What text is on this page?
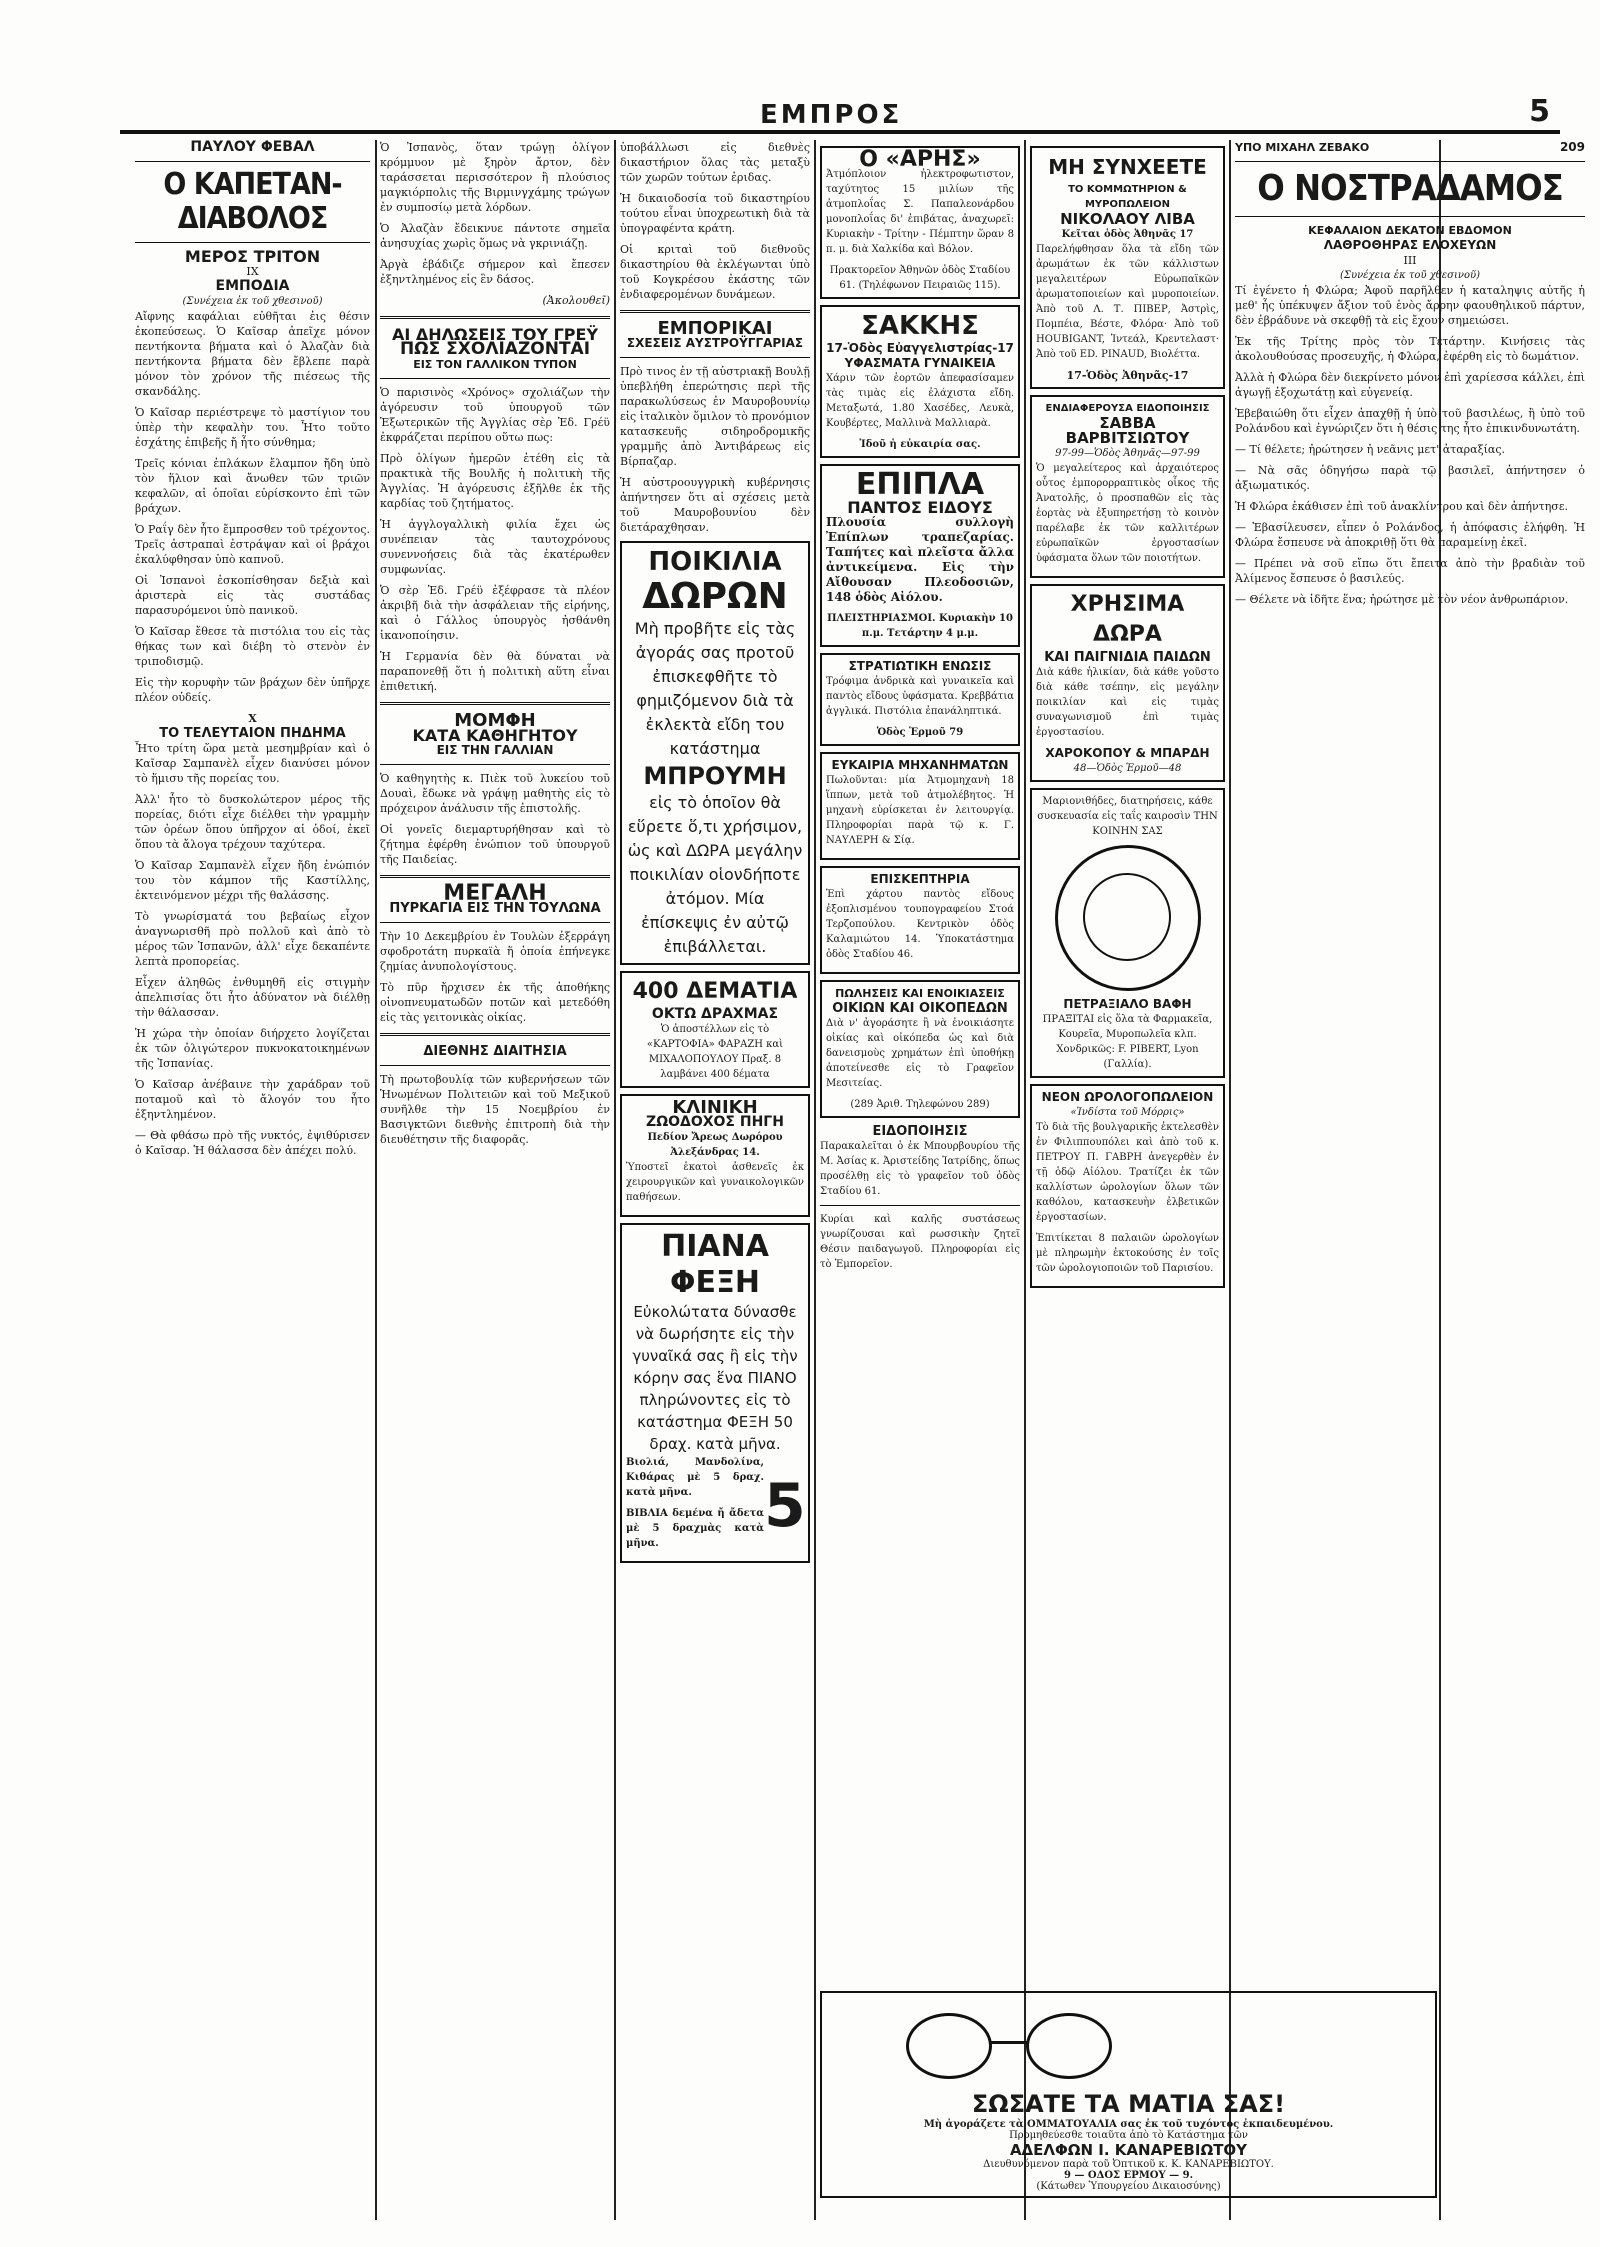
ΕΜΠΡΟΣ	5
ΠΑΥΛΟΥ ΦΕΒΑΛ
Ο ΚΑΠΕΤΑΝ-ΔΙΑΒΟΛΟΣ
ΜΕΡΟΣ ΤΡΙΤΟΝ
IX
ΕΜΠΟΔΙΑ
(Συνέχεια ἐκ τοῦ χθεσινοῦ)

Αἴφνης καφάλιαι εὐθῆται ἐις θέσιν ἐκοπεύσεως. Ὁ Καῖσαρ ἀπεῖχε μόνον πεντήκοντα βήματα καὶ ὁ Ἀλαζὰν διὰ πεντήκοντα βήματα δὲν ἔβλεπε παρὰ μόνον τὸν χρόνον τῆς πιέσεως τῆς σκανδάλης.

Ὁ Καῖσαρ περιέστρεψε τὸ μαστίγιον του ὑπὲρ τὴν κεφαλὴν του. Ἦτο τοῦτο ἐσχάτης ἐπιβεῆς ἤ ἦτο σύνθημα;

Τρεῖς κόνιαι ἐπλάκων ἔλαμπον ἤδη ὑπὸ τὸν ἥλιον καὶ ἄνωθεν τῶν τριῶν κεφαλῶν, αἱ ὁποῖαι εὑρίσκοντο ἐπὶ τῶν βράχων.

Ὁ Ραΐγ δὲν ἦτο ἔμπροσθεν τοῦ τρέχοντος. Τρεῖς ἀστραπαὶ ἐστράψαν καὶ οἱ βράχοι ἐκαλύφθησαν ὑπὸ καπνοῦ.

Οἱ Ἰσπανοὶ ἐσκοπίσθησαν δεξιὰ καὶ ἀριστερὰ εἰς τὰς συστάδας παρασυρόμενοι ὑπὸ πανικοῦ.

Ὁ Καῖσαρ ἔθεσε τὰ πιστόλια του εἰς τὰς θήκας των καὶ διέβη τὸ στενὸν ἐν τριποδισμῷ.

Εἰς τὴν κορυφὴν τῶν βράχων δὲν ὑπῆρχε πλέον οὐδείς.

X
ΤΟ ΤΕΛΕΥΤΑΙΟΝ ΠΗΔΗΜΑ

Ἦτο τρίτη ὥρα μετὰ μεσημβρίαν καὶ ὁ Καῖσαρ Σαμπανὲλ εἶχεν διανύσει μόνον τὸ ἥμισυ τῆς πορείας του.

Ἀλλ' ἦτο τὸ δυσκολώτερον μέρος τῆς πορείας, διότι εἶχε διέλθει τὴν γραμμὴν τῶν ὀρέων ὅπου ὑπῆρχον αἱ ὁδοί, ἐκεῖ ὅπου τὰ ἄλογα τρέχουν ταχύτερα.

Ὁ Καῖσαρ Σαμπανὲλ εἶχεν ἤδη ἐνώπιόν του τὸν κάμπον τῆς Καστίλλης, ἐκτεινόμενον μέχρι τῆς θαλάσσης.

Τὸ γνωρίσματά του βεβαίως εἶχον ἀναγνωρισθῆ πρὸ πολλοῦ καὶ ἀπὸ τὸ μέρος τῶν Ἰσπανῶν, ἀλλ' εἶχε δεκαπέντε λεπτὰ προπορείας.

Εἶχεν ἀληθῶς ἐνθυμηθῆ εἰς στιγμὴν ἀπελπισίας ὅτι ἦτο ἀδύνατον νὰ διέλθῃ τὴν θάλασσαν.

Ἡ χώρα τὴν ὁποίαν διήρχετο λογίζεται ἐκ τῶν ὀλιγώτερον πυκνοκατοικημένων τῆς Ἰσπανίας.

Ὁ Καῖσαρ ἀνέβαινε τὴν χαράδραν τοῦ ποταμοῦ καὶ τὸ ἄλογόν του ἦτο ἐξηντλημένον.

— Θὰ φθάσω πρὸ τῆς νυκτός, ἐψιθύρισεν ὁ Καῖσαρ. Ἡ θάλασσα δὲν ἀπέχει πολύ.

Ὁ Ἰσπανὸς, ὅταν τρώγῃ ὀλίγον κρόμμυον μὲ ξηρὸν ἄρτον, δὲν ταράσσεται περισσότερον ἢ πλούσιος μαγκιόρπολις τῆς Βιρμινγχάμης τρώγων ἐν συμποσίῳ μετὰ λόρδων.

Ὁ Ἀλαζὰν ἔδεικνυε πάντοτε σημεῖα ἀνησυχίας χωρὶς ὅμως νὰ γκρινιάζῃ.

Ἀργὰ ἐβάδιζε σήμερον καὶ ἔπεσεν ἐξηντλημένος εἰς ἓν δάσος.

(Ἀκολουθεῖ)
ΑΙ ΔΗΛΩΣΕΙΣ ΤΟΥ ΓΡΕΫ
ΠΩΣ ΣΧΟΛΙΑΖΟΝΤΑΙ
ΕΙΣ ΤΟΝ ΓΑΛΛΙΚΟΝ ΤΥΠΟΝ

Ὁ παρισινὸς «Χρόνος» σχολιάζων τὴν ἀγόρευσιν τοῦ ὑπουργοῦ τῶν Ἐξωτερικῶν τῆς Ἀγγλίας σὲρ Ἐδ. Γρέϋ ἐκφράζεται περίπου οὕτω πως:

Πρὸ ὀλίγων ἡμερῶν ἐτέθη εἰς τὰ πρακτικὰ τῆς Βουλῆς ἡ πολιτικὴ τῆς Ἀγγλίας. Ἡ ἀγόρευσις ἐξῆλθε ἐκ τῆς καρδίας τοῦ ζητήματος.

Ἡ ἀγγλογαλλικὴ φιλία ἔχει ὡς συνέπειαν τὰς ταυτοχρόνους συνεννοήσεις διὰ τὰς ἑκατέρωθεν συμφωνίας.

Ὁ σὲρ Ἐδ. Γρέϋ ἐξέφρασε τὰ πλέον ἀκριβῆ διὰ τὴν ἀσφάλειαν τῆς εἰρήνης, καὶ ὁ Γάλλος ὑπουργὸς ἠσθάνθη ἱκανοποίησιν.

Ἡ Γερμανία δὲν θὰ δύναται νὰ παραπονεθῇ ὅτι ἡ πολιτικὴ αὕτη εἶναι ἐπιθετική.

ΜΟΜΦΗ
ΚΑΤΑ ΚΑΘΗΓΗΤΟΥ
ΕΙΣ ΤΗΝ ΓΑΛΛΙΑΝ

Ὁ καθηγητὴς κ. Πιὲκ τοῦ λυκείου τοῦ Δουαὶ, ἔδωκε νὰ γράψῃ μαθητὴς εἰς τὸ πρόχειρον ἀνάλυσιν τῆς ἐπιστολῆς.

Οἱ γονεῖς διεμαρτυρήθησαν καὶ τὸ ζήτημα ἐφέρθη ἐνώπιον τοῦ ὑπουργοῦ τῆς Παιδείας.

ΜΕΓΑΛΗ
ΠΥΡΚΑΓΙΑ ΕΙΣ ΤΗΝ ΤΟΥΛΩΝΑ

Τὴν 10 Δεκεμβρίου ἐν Τουλὼν ἐξερράγη σφοδροτάτη πυρκαϊὰ ἥ ὁποία ἐπήνεγκε ζημίας ἀνυπολογίστους.

Τὸ πῦρ ἤρχισεν ἐκ τῆς ἀποθήκης οἰνοπνευματωδῶν ποτῶν καὶ μετεδόθη εἰς τὰς γειτονικὰς οἰκίας.

ΔΙΕΘΝΗΣ ΔΙΑΙΤΗΣΙΑ

Τὴ πρωτοβουλίᾳ τῶν κυβερνήσεων τῶν Ἡνωμένων Πολιτειῶν καὶ τοῦ Μεξικοῦ συνῆλθε τὴν 15 Νοεμβρίου ἐν Βασιγκτῶνι διεθνὴς ἐπιτροπὴ διὰ τὴν διευθέτησιν τῆς διαφορᾶς.

ὑποβάλλωσι εἰς διεθνὲς δικαστήριον ὅλας τὰς μεταξὺ τῶν χωρῶν τούτων ἐριδας.

Ἡ δικαιοδοσία τοῦ δικαστηρίου τούτου εἶναι ὑποχρεωτικὴ διὰ τὰ ὑπογραφέντα κράτη.

Οἱ κριταὶ τοῦ διεθνοῦς δικαστηρίου θὰ ἐκλέγωνται ὑπὸ τοῦ Κογκρέσου ἐκάστης τῶν ἐνδιαφερομένων δυνάμεων.

ΕΜΠΟΡΙΚΑΙ
ΣΧΕΣΕΙΣ ΑΥΣΤΡΟΫΓΓΑΡΙΑΣ

Πρὸ τινος ἐν τῇ αὐστριακῇ Βουλῇ ὑπεβλήθη ἐπερώτησις περὶ τῆς παρακωλύσεως ἐν Μαυροβουνίῳ εἰς ἰταλικὸν ὅμιλον τὸ προνόμιον κατασκευῆς σιδηροδρομικῆς γραμμῆς ἀπὸ Ἀντιβάρεως εἰς Βίρπαζαρ.

Ἡ αὐστροουγγρικὴ κυβέρνησις ἀπήντησεν ὅτι αἱ σχέσεις μετὰ τοῦ Μαυροβουνίου δὲν διετάραχθησαν.

ΠΟΙΚΙΛΙΑ
ΔΩΡΩΝ
Μὴ προβῆτε εἰς τὰς ἀγοράς σας προτοῦ ἐπισκεφθῆτε τὸ φημιζόμενον διὰ τὰ ἐκλεκτὰ εἴδη του κατάστημα
ΜΠΡΟΥΜΗ
εἰς τὸ ὁποῖον θὰ εὕρετε ὅ,τι χρήσιμον, ὡς καὶ ΔΩΡΑ μεγάλην ποικιλίαν οἱονδήποτε ἀτόμον. Μία ἐπίσκεψις ἐν αὐτῷ ἐπιβάλλεται.
400 ΔΕΜΑΤΙΑ
ΟΚΤΩ ΔΡΑΧΜΑΣ
Ὁ ἀποστέλλων εἰς τὸ «ΚΑΡΤΟΦΙΑ» ΦΑΡΑΖΗ καὶ ΜΙΧΑΛΟΠΟΥΛΟΥ Πραξ. 8 λαμβάνει 400 δέματα
ΚΛΙΝΙΚΗ
ΖΩΟΔΟΧΟΣ ΠΗΓΗ
Πεδίον Ἄρεως Δωρόρου Ἀλεξάνδρας 14.
Ὑποστεῖ ἑκατοὶ ἀσθενεῖς ἐκ χειρουργικῶν καὶ γυναικολογικῶν παθήσεων.
ΠΙΑΝΑ ΦΕΞΗ
Εὐκολώτατα δύνασθε νὰ δωρήσητε εἰς τὴν γυναῖκά σας ἢ εἰς τὴν κόρην σας ἕνα ΠΙΑΝΟ πληρώνοντες εἰς τὸ κατάστημα ΦΕΞΗ 50 δραχ. κατὰ μῆνα.
Βιολιά, Μανδολίνα, Κιθάρας μὲ 5 δραχ. κατὰ μῆνα.
ΒΙΒΛΙΑ δεμένα ἤ ἄδετα μὲ 5 δραχμὰς κατὰ μῆνα.
5
Ο «ΑΡΗΣ»
Ἀτμόπλοιον ἠλεκτροφωτιστον, ταχύτητος 15 μιλίων τῆς ἀτμοπλοΐας Σ. Παπαλεονάρδου μονοπλοΐας δι' ἐπιβάτας, ἀναχωρεῖ: Κυριακὴν - Τρίτην - Πέμπτην ὥραν 8 π. μ. διὰ Χαλκίδα καὶ Βόλον.
Πρακτορεῖον Ἀθηνῶν ὁδὸς Σταδίου 61. (Τηλέφωνον Πειραιῶς 115).
ΣΑΚΚΗΣ
17-Ὁδὸς Εὐαγγελιστρίας-17
ΥΦΑΣΜΑΤΑ ΓΥΝΑΙΚΕΙΑ
Χάριν τῶν ἑορτῶν ἀπεφασίσαμεν τὰς τιμὰς εἰς ἐλάχιστα εἴδη. Μεταξωτά, 1.80 Χασέδες, Λευκὰ, Κουβέρτες, Μαλλινὰ Μαλλιαρὰ.
Ἰδοῦ ἡ εὐκαιρία σας.
ΕΠΙΠΛΑ
ΠΑΝΤΟΣ ΕΙΔΟΥΣ
Πλουσία συλλογὴ Ἐπίπλων τραπεζαρίας. Ταπήτες καὶ πλεῖστα ἄλλα ἀντικείμενα. Εἰς τὴν Αἴθουσαν Πλεοδοσιῶν, 148 ὁδὸς Αἰόλου.
ΠΛΕΙΣΤΗΡΙΑΣΜΟΙ. Κυριακὴν 10 π.μ. Τετάρτην 4 μ.μ.
ΣΤΡΑΤΙΩΤΙΚΗ ΕΝΩΣΙΣ
Τρόφιμα ἀνδρικὰ καὶ γυναικεῖα καὶ παντὸς εἴδους ὑφάσματα. Κρεββάτια ἀγγλικά. Πιστόλια ἐπανάληπτικά.
Ὁδὸς Ἑρμοῦ 79
ΕΥΚΑΙΡΙΑ ΜΗΧΑΝΗΜΑΤΩΝ
Πωλοῦνται: μία Ἀτμομηχανὴ 18 ἵππων, μετὰ τοῦ ἀτμολέβητος. Ἡ μηχανὴ εὑρίσκεται ἐν λειτουργίᾳ. Πληροφορίαι παρὰ τῷ κ. Γ. ΝΑΥΛΕΡΗ & Σίᾳ.
ΕΠΙΣΚΕΠΤΗΡΙΑ
Ἐπὶ χάρτου παντὸς εἴδους ἐξοπλισμένου τουπογραφείου Στοά Τερζοπούλου. Κεντρικὸν ὁδὸς Καλαμιώτου 14. Ὑποκατάστημα ὁδὸς Σταδίου 46.
ΠΩΛΗΣΕΙΣ ΚΑΙ ΕΝΟΙΚΙΑΣΕΙΣ
ΟΙΚΙΩΝ ΚΑΙ ΟΙΚΟΠΕΔΩΝ
Διὰ ν' ἀγοράσητε ἢ νὰ ἐνοικιάσητε οἰκίας καὶ οἰκόπεδα ὡς καὶ διὰ δανεισμοὺς χρημάτων ἐπὶ ὑποθήκῃ ἀποτείνεσθε εἰς τὸ Γραφεῖον Μεσιτείας.
(289 Ἀριθ. Τηλεφώνου 289)
ΕΙΔΟΠΟΙΗΣΙΣ
Παρακαλεῖται ὁ ἐκ Μπουρβουρίου τῆς Μ. Ἀσίας κ. Ἀριστείδης Ἰατρίδης, ὅπως προσέλθῃ εἰς τὸ γραφεῖον τοῦ ὁδὸς Σταδίου 61.
Κυρίαι καὶ καλῆς συστάσεως γνωρίζουσαι καὶ ρωσσικὴν ζητεῖ Θέσιν παιδαγωγοῦ. Πληροφορίαι εἰς τὸ Ἐμπορεῖον.
ΜΗ ΣΥΝΧΕΕΤΕ
ΤΟ ΚΟΜΜΩΤΗΡΙΟΝ & ΜΥΡΟΠΩΛΕΙΟΝ
ΝΙΚΟΛΑΟΥ ΛΙΒΑ
Κεῖται ὁδὸς Ἀθηνᾶς 17
Παρελήφθησαν ὅλα τὰ εἴδη τῶν ἀρωμάτων ἐκ τῶν κάλλιστων μεγαλειτέρων Εὐρωπαϊκῶν ἀρωματοποιείων καὶ μυροποιείων. Ἀπὸ τοῦ Λ. Τ. ΠΙΒΕΡ, Ἀστρὶς, Πομπέια, Βέστε, Φλόρα· Ἀπὸ τοῦ HOUBIGANT, Ἰντεάλ, Κρεντελαστ· Ἀπὸ τοῦ ED. PINAUD, Βιολέττα.
17-Ὁδὸς Ἀθηνᾶς-17
ΕΝΔΙΑΦΕΡΟΥΣΑ ΕΙΔΟΠΟΙΗΣΙΣ
ΣΑΒΒΑ ΒΑΡΒΙΤΣΙΩΤΟΥ
97-99—Ὁδὸς Ἀθηνᾶς—97-99
Ὁ μεγαλείτερος καὶ ἀρχαιότερος οὗτος ἐμπορορραπτικὸς οἶκος τῆς Ἀνατολῆς, ὁ προσπαθῶν εἰς τὰς ἑορτὰς νὰ ἐξυπηρετήσῃ τὸ κοινὸν παρέλαβε ἐκ τῶν καλλιτέρων εὐρωπαϊκῶν ἐργοστασίων ὑφάσματα ὅλων τῶν ποιοτήτων.
ΧΡΗΣΙΜΑ ΔΩΡΑ
ΚΑΙ ΠΑΙΓΝΙΔΙΑ ΠΑΙΔΩΝ
Διὰ κάθε ἡλικίαν, διὰ κάθε γοῦστο διὰ κάθε τσέπην, εἰς μεγάλην ποικιλίαν καὶ εἰς τιμὰς συναγωνισμοῦ ἐπὶ τιμὰς ἐργοστασίου.
ΧΑΡΟΚΟΠΟΥ & ΜΠΑΡΔΗ
48—Ὁδὸς Ἑρμοῦ—48
Μαριονιθήδες, διατηρήσεις, κάθε συσκευασία εἰς ταΐς καιροσὶν ΤΗΝ ΚΟΙΝΗΝ ΣΑΣ
ΠΕΤΡΑΞΙΑΛΟ ΒΑΦΗ
ΠΡΑΞΙΤΑΙ εἰς ὅλα τὰ Φαρμακεῖα, Κουρεῖα, Μυροπωλεῖα κλπ. Χονδρικῶς: F. PIBERT, Lyon (Γαλλία).
ΝΕΟΝ ΩΡΟΛΟΓΟΠΩΛΕΙΟΝ
«Ἰνδίστα τοῦ Μόρρις»
Τὸ διὰ τῆς βουλγαρικῆς ἐκτελεσθὲν ἐν Φιλιππουπόλει καὶ ἀπὸ τοῦ κ. ΠΕΤΡΟΥ Π. ΓΑΒΡΗ ἀνεγερθὲν ἐν τῇ ὁδῷ Αἰόλου. Τρατίζει ἐκ τῶν καλλίστων ὡρολογίων ὅλων τῶν καθόλου, κατασκευὴν ἐλβετικῶν ἐργοστασίων.
Ἐπιτίκεται 8 παλαιῶν ὡρολογίων μὲ πληρωμὴν ἐκτοκούσης ἐν τοῖς τῶν ὡρολογιοποιῶν τοῦ Παρισίου.
ΥΠΟ ΜΙΧΑΗΛ ΖΕΒΑΚΟ	209
Ο ΝΟΣΤΡΑΔΑΜΟΣ
ΚΕΦΑΛΑΙΟΝ ΔΕΚΑΤΟΝ ΕΒΔΟΜΟΝ
ΛΑΘΡΟΘΗΡΑΣ ΕΛΟΧΕΥΩΝ
III
(Συνέχεια ἐκ τοῦ χθεσινοῦ)

Τί ἐγένετο ἡ Φλώρα; Ἀφοῦ παρῆλθεν ἡ καταληψις αὐτῆς ἡ μεθ' ἧς ὑπέκυψεν ἄξιον τοῦ ἑνὸς ἄρρην φαουθηλικοῦ πάρτυν, δὲν ἐβράδυνε νὰ σκεφθῇ τὰ εἰς ἔχουν σημειώσει.

Ἐκ τῆς Τρίτης πρὸς τὸν Τετάρτην. Κινήσεις τὰς ἀκολουθούσας προσευχῆς, ἡ Φλώρα, ἐφέρθη εἰς τὸ δωμάτιον.

Ἀλλὰ ἡ Φλώρα δὲν διεκρίνετο μόνον ἐπὶ χαρίεσσα κάλλει, ἐπὶ ἀγωγῇ ἐξοχωτάτῃ καὶ εὐγενείᾳ.

Ἐβεβαιώθη ὅτι εἶχεν ἀπαχθῇ ἡ ὑπὸ τοῦ βασιλέως, ἢ ὑπὸ τοῦ Ρολάνδου καὶ ἐγνώριζεν ὅτι ἡ θέσις της ἦτο ἐπικινδυνωτάτη.

— Τί θέλετε; ἠρώτησεν ἡ νεᾶνις μετ' ἀταραξίας.

— Νὰ σᾶς ὁδηγήσω παρὰ τῷ βασιλεῖ, ἀπήντησεν ὁ ἀξιωματικός.

Ἡ Φλώρα ἐκάθισεν ἐπὶ τοῦ ἀνακλίντρου καὶ δὲν ἀπήντησε.

— Ἐβασίλευσεν, εἶπεν ὁ Ρολάνδος, ἡ ἀπόφασις ἐλήφθη. Ἡ Φλώρα ἔσπευσε νὰ ἀποκριθῇ ὅτι θὰ παραμείνῃ ἐκεῖ.

— Πρέπει νὰ σοῦ εἴπω ὅτι ἔπειτα ἀπὸ τὴν βραδιὰν τοῦ Ἀλίμενος ἔσπευσε ὁ βασιλεύς.

— Θέλετε νὰ ἰδῆτε ἕνα; ἠρώτησε μὲ τὸν νέον ἀνθρωπάριον.

ΣΩΣΑΤΕ ΤΑ ΜΑΤΙΑ ΣΑΣ!
Μὴ ἀγοράζετε τὰ ΟΜΜΑΤΟΥΑΛΙΑ σας ἐκ τοῦ τυχόντος ἐκπαιδευμένου.
Προμηθεύεσθε τοιαῦτα ἀπὸ τὸ Κατάστημα τῶν
ΑΔΕΛΦΩΝ Ι. ΚΑΝΑΡΕΒΙΩΤΟΥ
Διευθυνόμενον παρὰ τοῦ Ὀπτικοῦ κ. Κ. ΚΑΝΑΡΕΒΙΩΤΟΥ.
9 — ΟΔΟΣ ΕΡΜΟΥ — 9.
(Κάτωθεν Ὑπουργείου Δικαιοσύνης)
